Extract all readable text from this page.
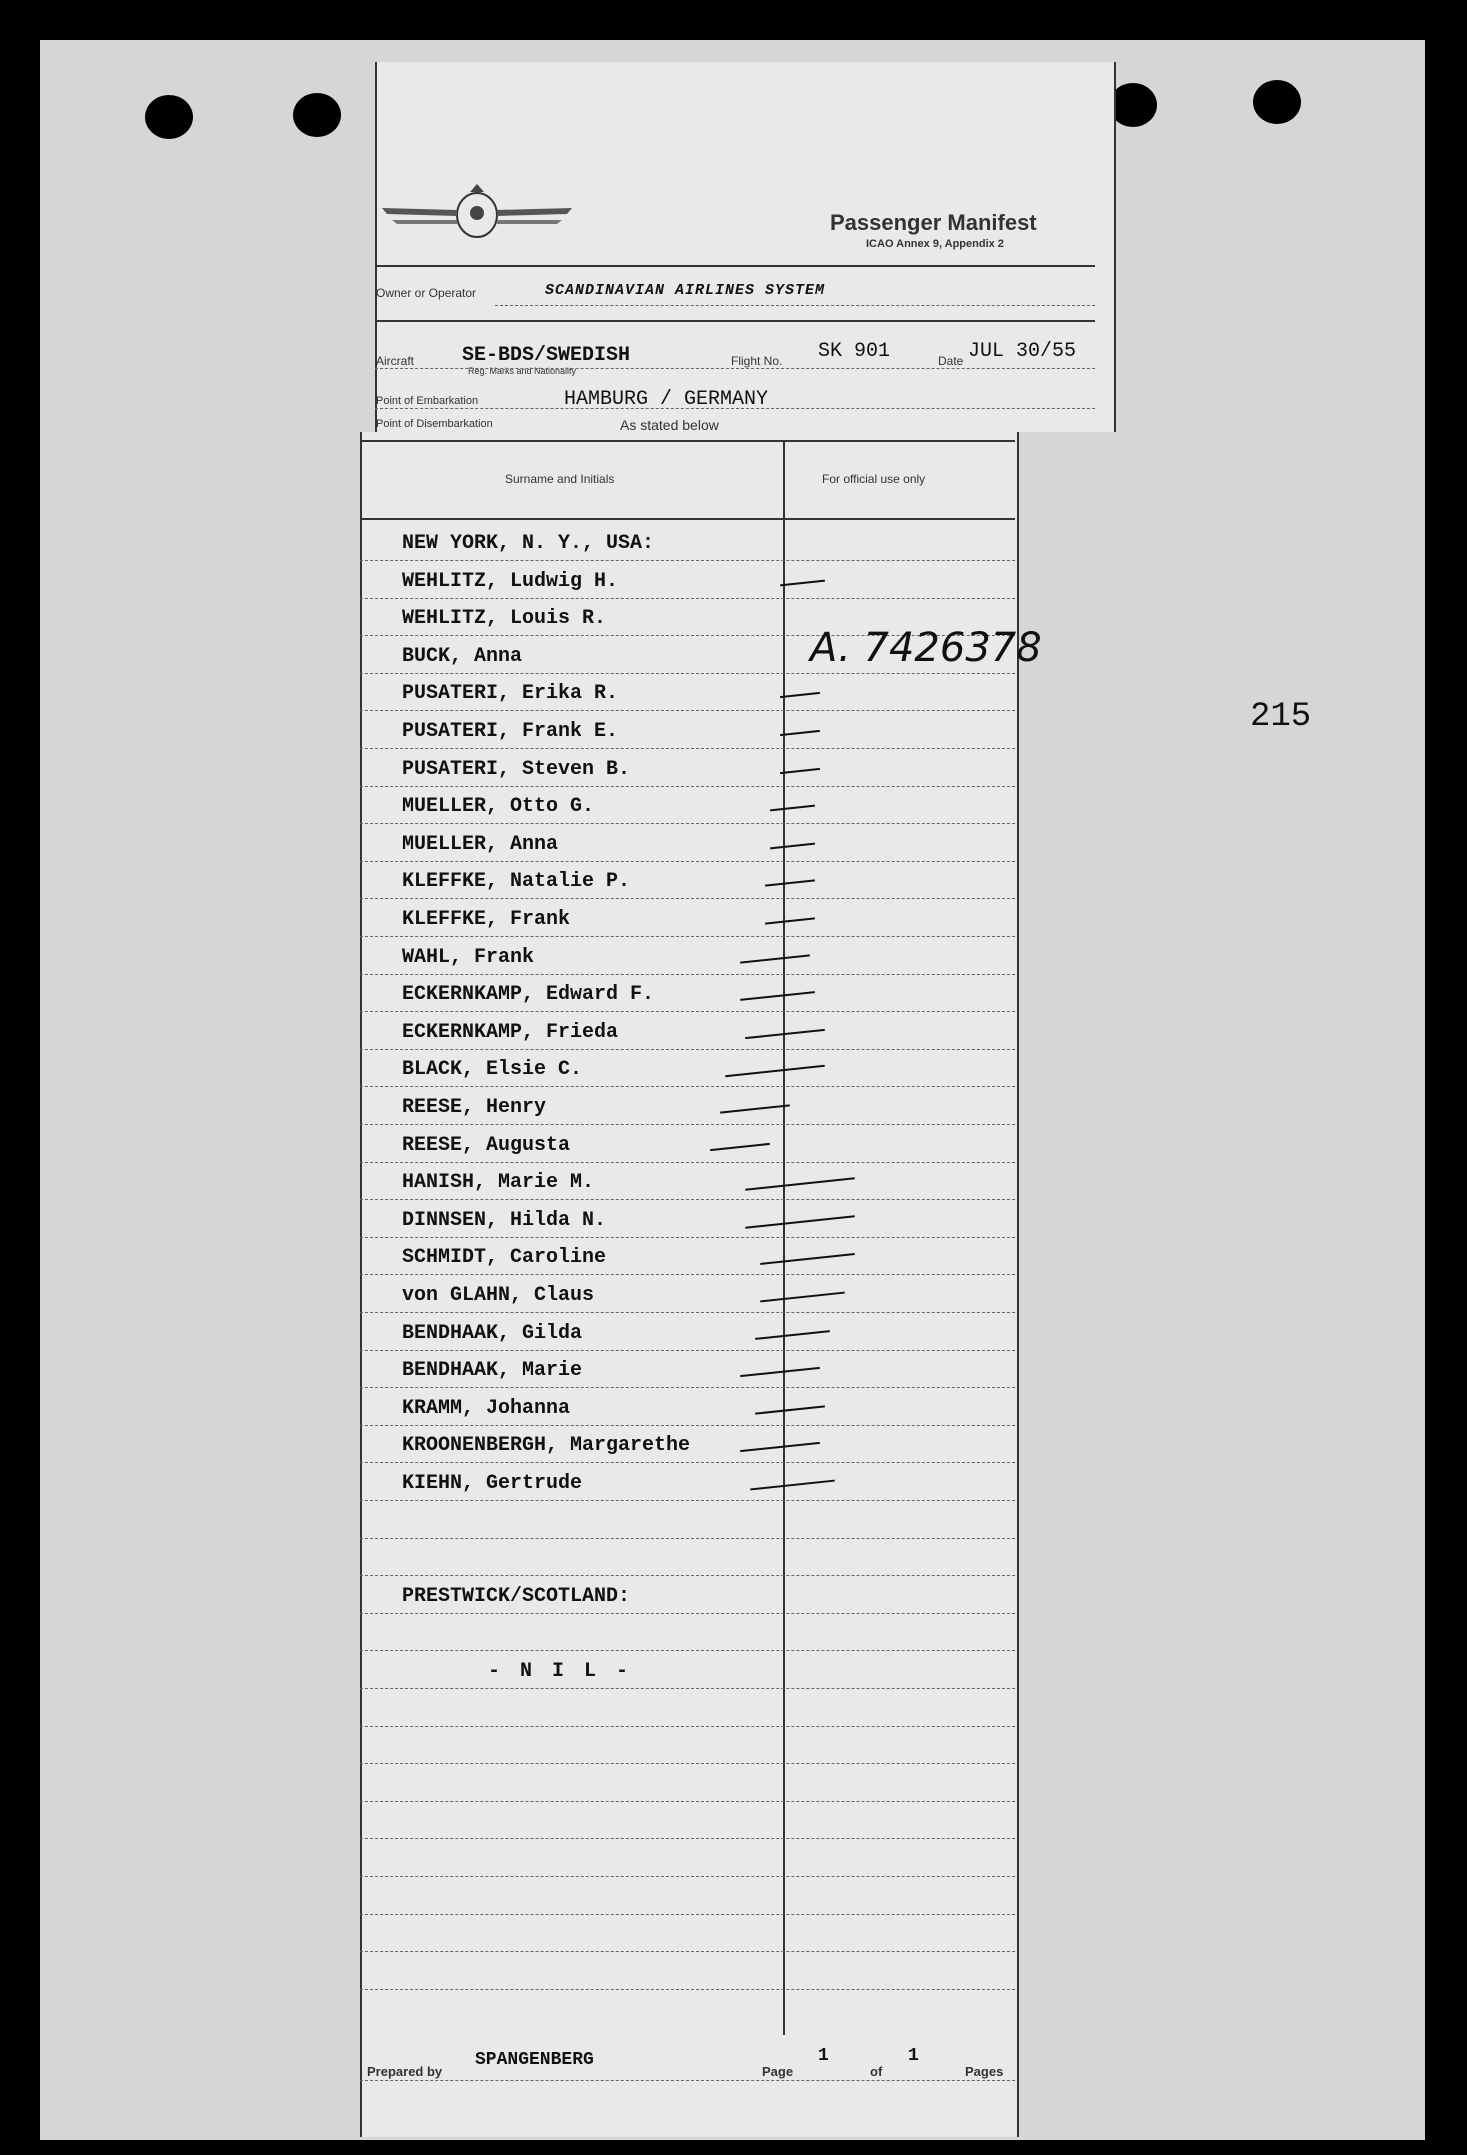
Passenger Manifest
ICAO Annex 9, Appendix 2
Owner or Operator	SCANDINAVIAN AIRLINES SYSTEM
Aircraft SE-BDS/SWEDISH
Reg. Marks and Nationality
Flight No. SK 901	Date JUL 30/55
Point of Embarkation	HAMBURG / GERMANY
Point of Disembarkation	As stated below
Surname and Initials	For official use only
NEW YORK, N. Y., USA:
WEHLITZ, Ludwig H.
WEHLITZ, Louis R.
BUCK, Anna
PUSATERI, Erika R.
PUSATERI, Frank E.
PUSATERI, Steven B.
MUELLER, Otto G.
MUELLER, Anna
KLEFFKE, Natalie P.
KLEFFKE, Frank
WAHL, Frank
ECKERNKAMP, Edward F.
ECKERNKAMP, Frieda
BLACK, Elsie C.
REESE, Henry
REESE, Augusta
HANISH, Marie M.
DINNSEN, Hilda N.
SCHMIDT, Caroline
von GLAHN, Claus
BENDHAAK, Gilda
BENDHAAK, Marie
KRAMM, Johanna
KROONENBERGH, Margarethe
KIEHN, Gertrude
PRESTWICK/SCOTLAND:
- N I L -
A. 7426378
215
Prepared by
SPANGENBERG
Page
1
of
1
Pages
